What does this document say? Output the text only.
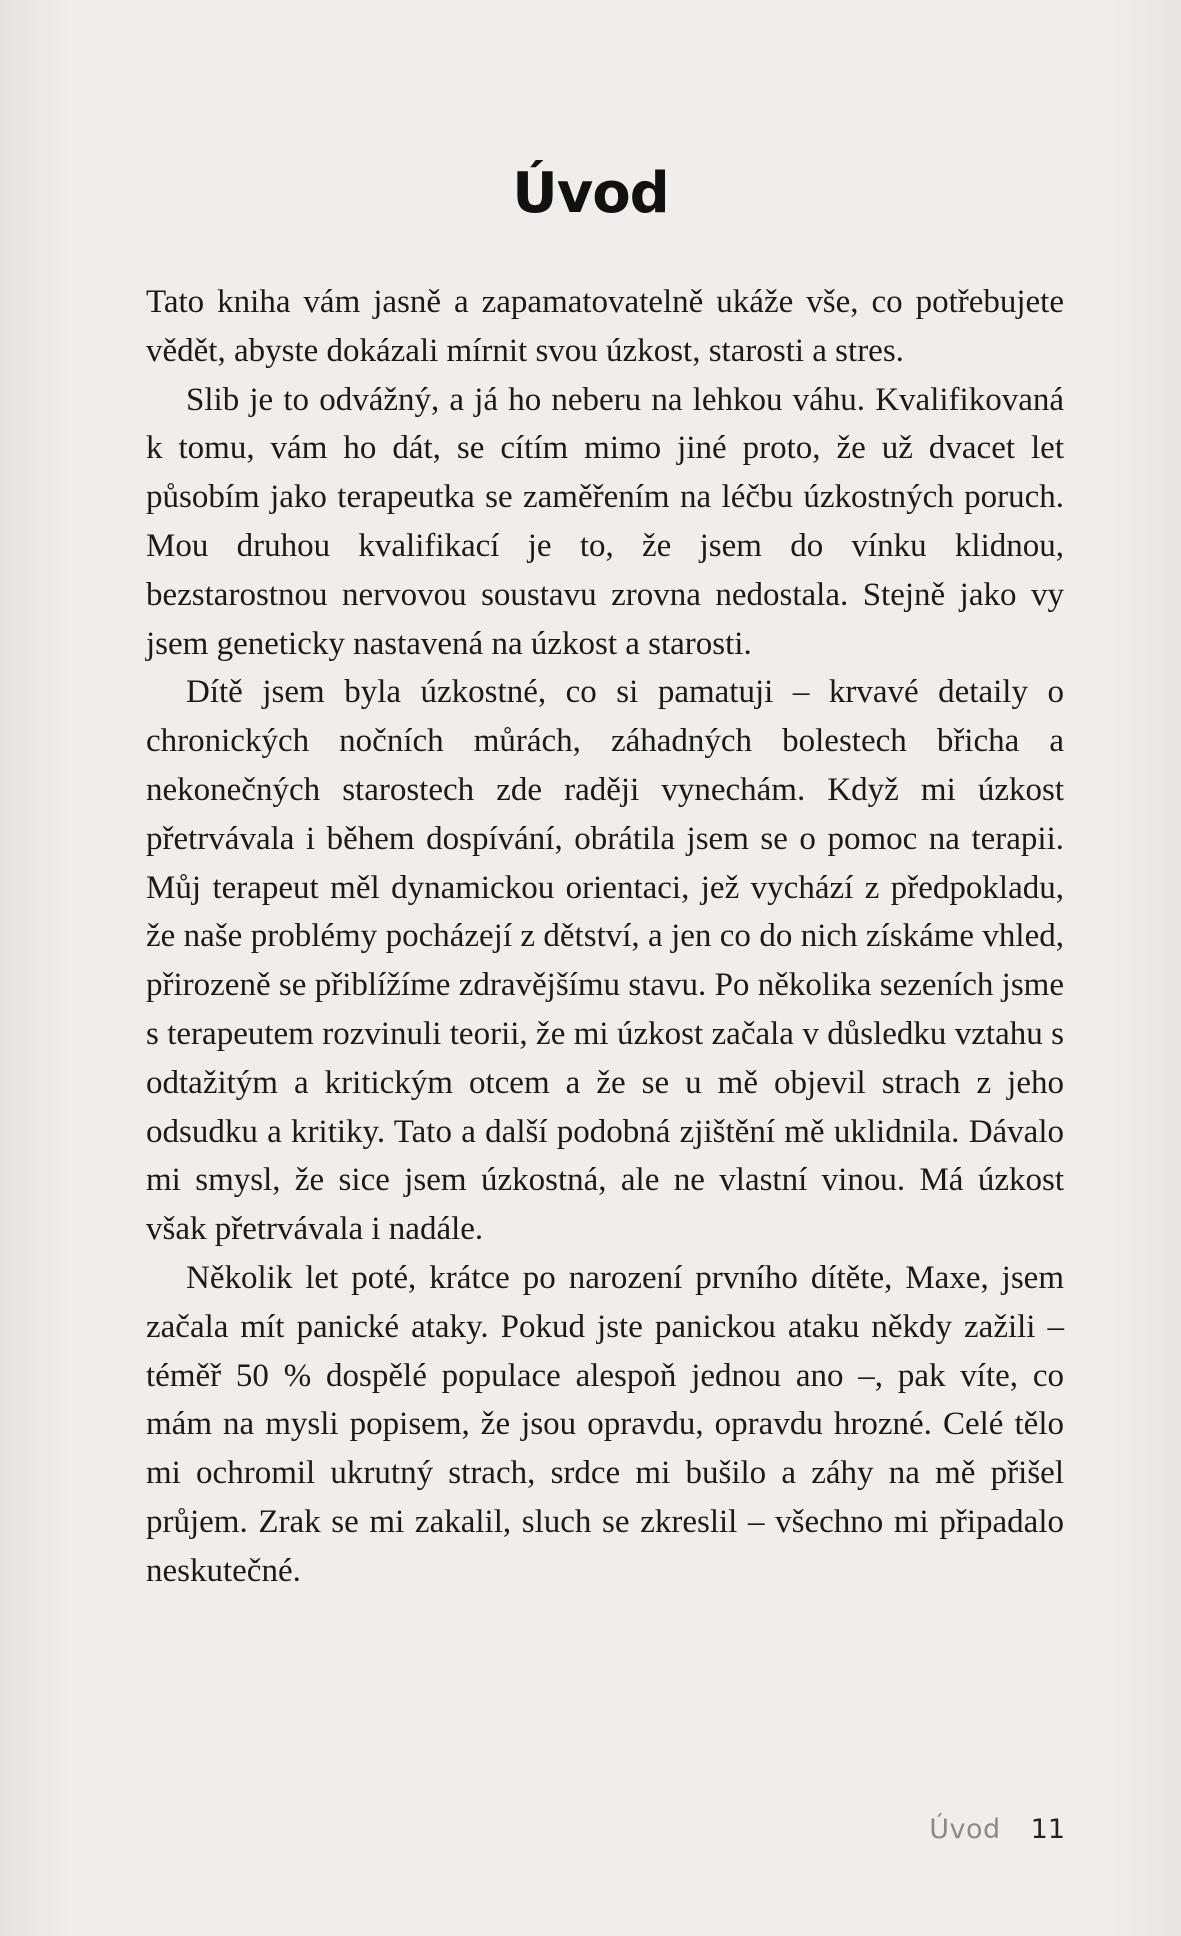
Úvod

Tato kniha vám jasně a zapamatovatelně ukáže vše, co potřebujete vědět, abyste dokázali mírnit svou úzkost, starosti a stres.

Slib je to odvážný, a já ho neberu na lehkou váhu. Kvalifikovaná k tomu, vám ho dát, se cítím mimo jiné proto, že už dvacet let působím jako terapeutka se zaměřením na léčbu úzkostných poruch. Mou druhou kvalifikací je to, že jsem do vínku klidnou, bezstarostnou nervovou soustavu zrovna nedostala. Stejně jako vy jsem geneticky nastavená na úzkost a starosti.

Dítě jsem byla úzkostné, co si pamatuji – krvavé detaily o chronických nočních můrách, záhadných bolestech břicha a nekonečných starostech zde raději vynechám. Když mi úzkost přetrvávala i během dospívání, obrátila jsem se o pomoc na terapii. Můj terapeut měl dynamickou orientaci, jež vychází z předpokladu, že naše problémy pocházejí z dětství, a jen co do nich získáme vhled, přirozeně se přiblížíme zdravějšímu stavu. Po několika sezeních jsme s terapeutem rozvinuli teorii, že mi úzkost začala v důsledku vztahu s odtažitým a kritickým otcem a že se u mě objevil strach z jeho odsudku a kritiky. Tato a další podobná zjištění mě uklidnila. Dávalo mi smysl, že sice jsem úzkostná, ale ne vlastní vinou. Má úzkost však přetrvávala i nadále.

Několik let poté, krátce po narození prvního dítěte, Maxe, jsem začala mít panické ataky. Pokud jste panickou ataku někdy zažili – téměř 50 % dospělé populace alespoň jednou ano –, pak víte, co mám na mysli popisem, že jsou opravdu, opravdu hrozné. Celé tělo mi ochromil ukrutný strach, srdce mi bušilo a záhy na mě přišel průjem. Zrak se mi zakalil, sluch se zkreslil – všechno mi připadalo neskutečné.

Úvod 11
